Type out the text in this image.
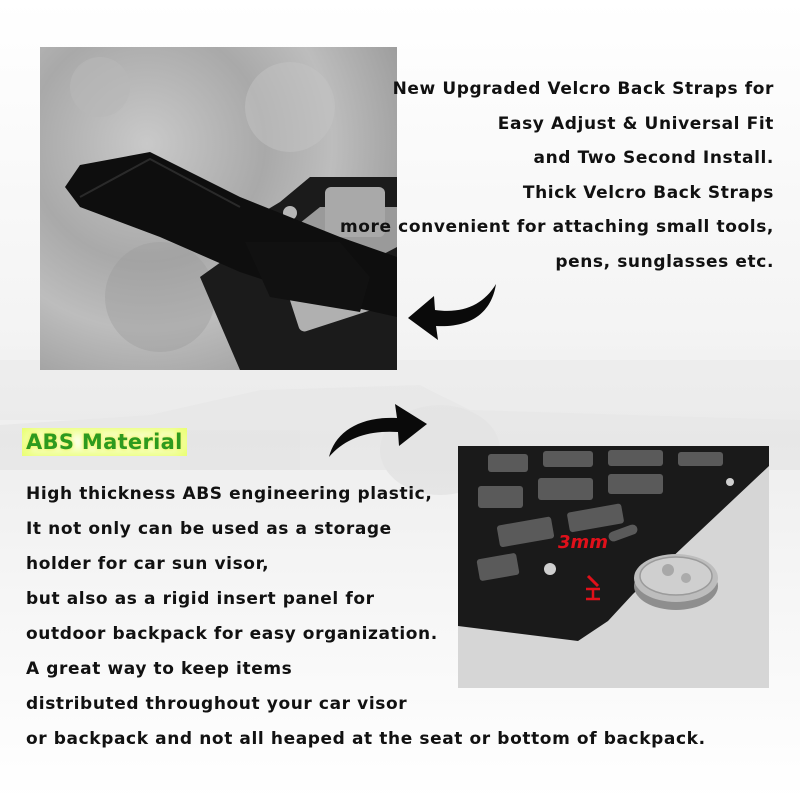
New Upgraded Velcro Back Straps for
Easy Adjust & Universal Fit
and Two Second Install.
Thick Velcro Back Straps
more convenient for attaching small tools,
pens, sunglasses etc.
ABS Material
3mm
High thickness ABS engineering plastic,
It not only can be used as a storage
holder for car sun visor,
but also as a rigid insert panel for
outdoor backpack for easy organization.
A great way to keep items
distributed throughout your car visor
or backpack and not all heaped at the seat or bottom of backpack.
